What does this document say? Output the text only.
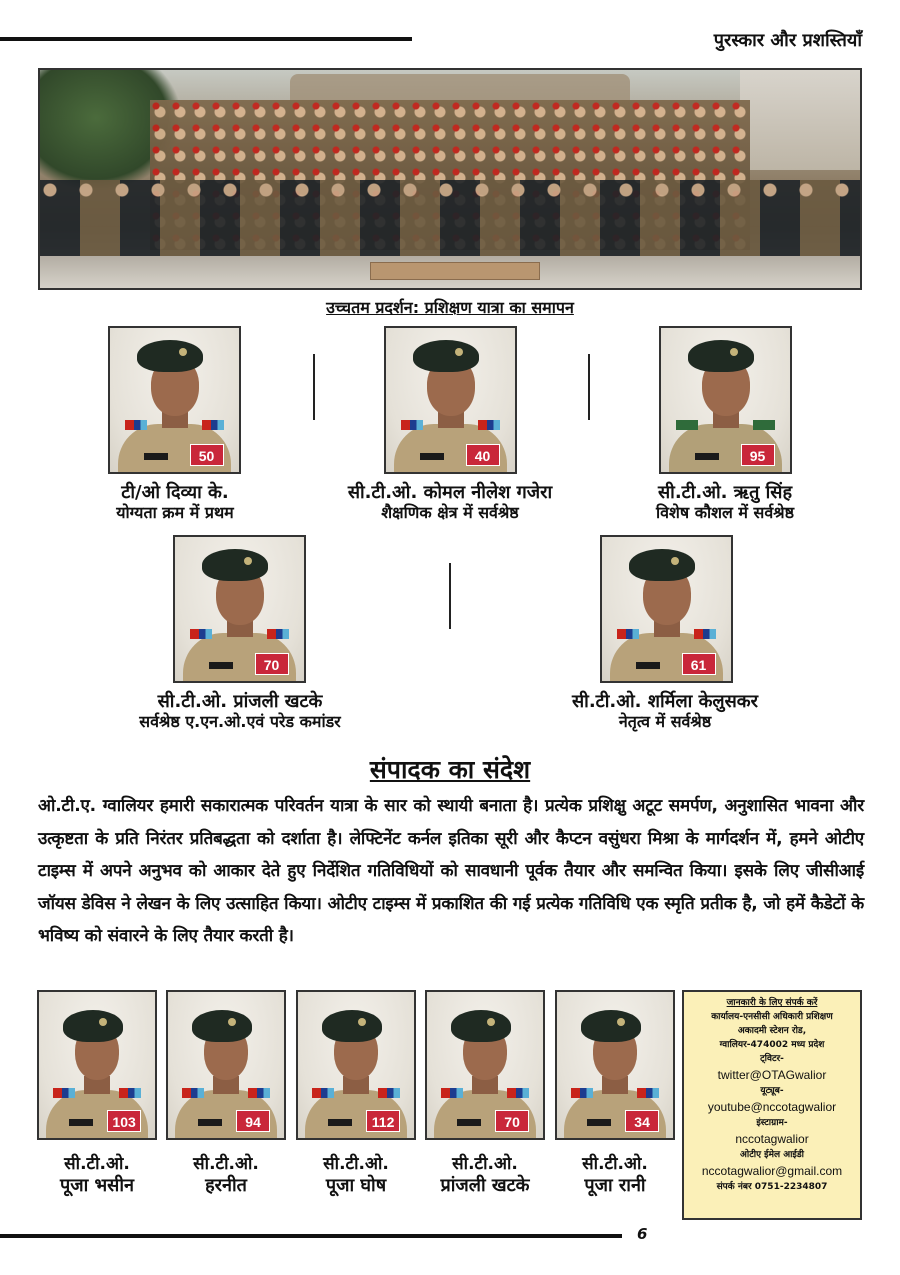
पुरस्कार और प्रशस्तियाँ
उच्चतम प्रदर्शन: प्रशिक्षण यात्रा का समापन
50	40	95
टी/ओ दिव्या के.
योग्यता क्रम में प्रथम
सी.टी.ओ. कोमल नीलेश गजेरा
शैक्षणिक क्षेत्र में सर्वश्रेष्ठ
सी.टी.ओ. ऋतु सिंह
विशेष कौशल में सर्वश्रेष्ठ
70	61
सी.टी.ओ. प्रांजली खटके
सर्वश्रेष्ठ ए.एन.ओ.एवं परेड कमांडर
सी.टी.ओ. शर्मिला केलुसकर
नेतृत्व में सर्वश्रेष्ठ
संपादक का संदेश
ओ.टी.ए. ग्वालियर हमारी सकारात्मक परिवर्तन यात्रा के सार को स्थायी बनाता है। प्रत्येक प्रशिक्षु अटूट समर्पण, अनुशासित भावना और उत्कृष्टता के प्रति निरंतर प्रतिबद्धता को दर्शाता है। लेफ्टिनेंट कर्नल इतिका सूरी और कैप्टन वसुंधरा मिश्रा के मार्गदर्शन में, हमने ओटीए टाइम्स में अपने अनुभव को आकार देते हुए निर्देशित गतिविधियों को सावधानी पूर्वक तैयार और समन्वित किया। इसके लिए जीसीआई जॉयस डेविस ने लेखन के लिए उत्साहित किया। ओटीए टाइम्स में प्रकाशित की गई प्रत्येक गतिविधि एक स्मृति प्रतीक है, जो हमें कैडेटों के भविष्य को संवारने के लिए तैयार करती है।
103	94	112	70	34
सी.टी.ओ.
पूजा भसीन
सी.टी.ओ.
हरनीत
सी.टी.ओ.
पूजा घोष
सी.टी.ओ.
प्रांजली खटके
सी.टी.ओ.
पूजा रानी
जानकारी के लिए संपर्क करें
कार्यालय-एनसीसी अधिकारी प्रशिक्षण
अकादमी स्टेशन रोड,
ग्वालियर-474002 मध्य प्रदेश
ट्विटर-
twitter@OTAGwalior
यूट्यूब-
youtube@nccotagwalior
इंस्टाग्राम-
nccotagwalior
ओटीए ईमेल आईडी
nccotagwalior@gmail.com
संपर्क नंबर 0751-2234807
6
